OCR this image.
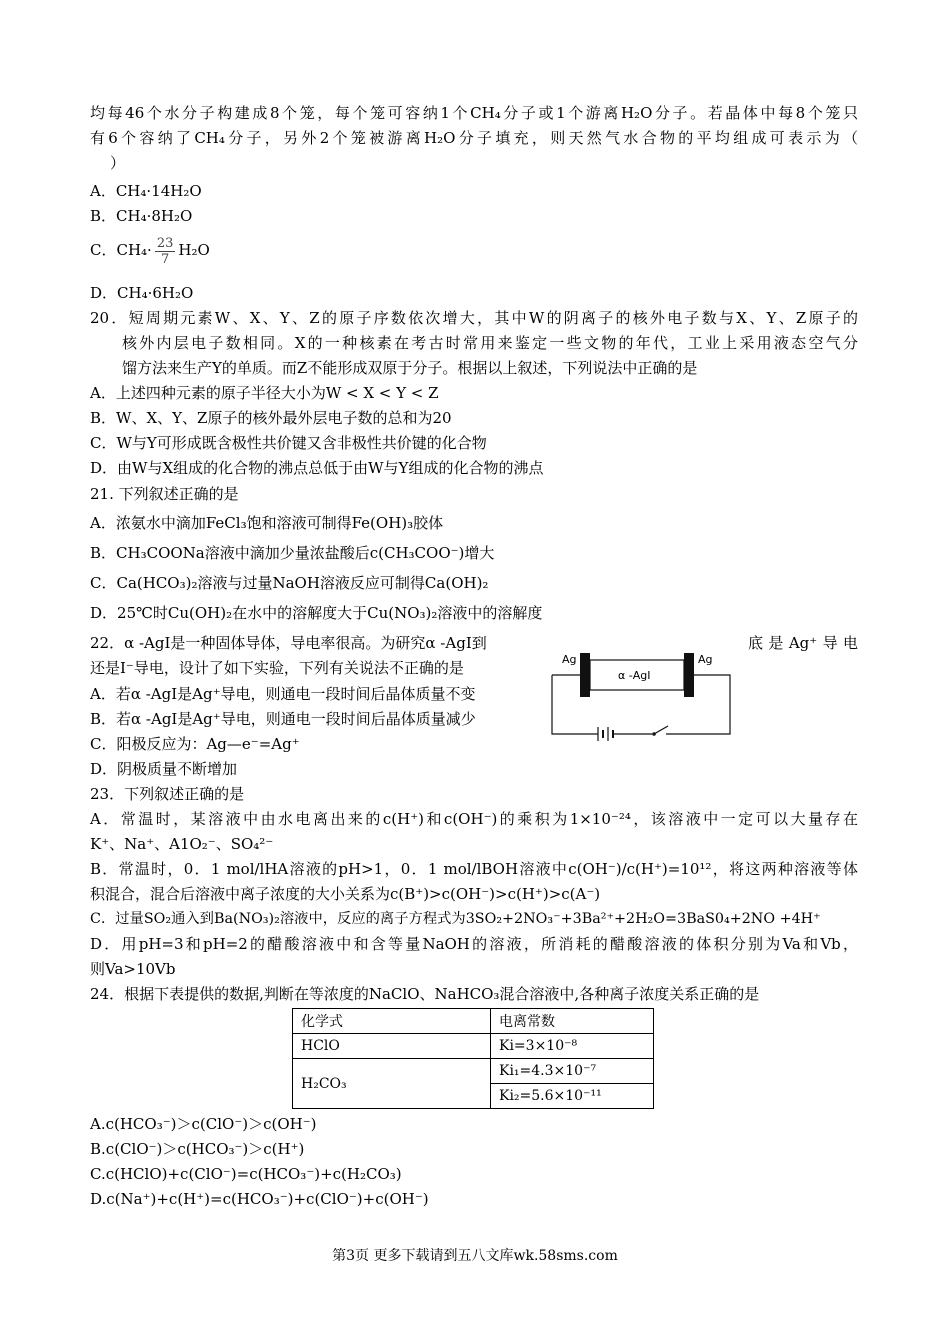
均每46个水分子构建成8个笼，每个笼可容纳1个CH₄分子或1个游离H₂O分子。若晶体中每8个笼只
有6个容纳了CH₄分子，另外2个笼被游离H₂O分子填充，则天然气水合物的平均组成可表示为（
）
A．CH₄·14H₂O
B．CH₄·8H₂O
C．$CH_4\cdot \frac{23}{7} H_2O$
D．CH₄·6H₂O
20．短周期元素W、X、Y、Z的原子序数依次增大，其中W的阴离子的核外电子数与X、Y、Z原子的
核外内层电子数相同。X的一种核素在考古时常用来鉴定一些文物的年代，工业上采用液态空气分
馏方法来生产Y的单质。而Z不能形成双原于分子。根据以上叙述，下列说法中正确的是
A．上述四种元素的原子半径大小为W < X < Y < Z
B．W、X、Y、Z原子的核外最外层电子数的总和为20
C．W与Y可形成既含极性共价键又含非极性共价键的化合物
D．由W与X组成的化合物的沸点总低于由W与Y组成的化合物的沸点
21. 下列叙述正确的是
A．浓氨水中滴加FeCl₃饱和溶液可制得Fe(OH)₃胶体
B．CH₃COONa溶液中滴加少量浓盐酸后c(CH₃COO⁻)增大
C．Ca(HCO₃)₂溶液与过量NaOH溶液反应可制得Ca(OH)₂
D．25℃时Cu(OH)₂在水中的溶解度大于Cu(NO₃)₂溶液中的溶解度
22．α -AgI是一种固体导体，导电率很高。为研究α -AgI到	底是Ag⁺导电
还是I⁻导电，设计了如下实验，下列有关说法不正确的是
A．若α -AgI是Ag⁺导电，则通电一段时间后晶体质量不变
B．若α -AgI是Ag⁺导电，则通电一段时间后晶体质量减少
C．阳极反应为：Ag—e⁻=Ag⁺
D．阴极质量不断增加
Ag	Ag
α -AgI
23．下列叙述正确的是
A．常温时，某溶液中由水电离出来的c(H⁺)和c(OH⁻)的乘积为1×10⁻²⁴，该溶液中一定可以大量存在
K⁺、Na⁺、A1O₂⁻、SO₄²⁻
B．常温时，0．1 mol/lHA溶液的pH>1，0．1 mol/lBOH溶液中c(OH⁻)/c(H⁺)=10¹²，将这两种溶液等体
积混合，混合后溶液中离子浓度的大小关系为c(B⁺)>c(OH⁻)>c(H⁺)>c(A⁻)
C．过量SO₂通入到Ba(NO₃)₂溶液中，反应的离子方程式为3SO₂+2NO₃⁻+3Ba²⁺+2H₂O=3BaS0₄+2NO +4H⁺
D．用pH=3和pH=2的醋酸溶液中和含等量NaOH的溶液，所消耗的醋酸溶液的体积分别为Va和Vb，
则Va>10Vb
24．根据下表提供的数据,判断在等浓度的NaClO、NaHCO₃混合溶液中,各种离子浓度关系正确的是
化学式	电离常数
HClO	Ki=3×10⁻⁸
H₂CO₃	Ki₁=4.3×10⁻⁷
	Ki₂=5.6×10⁻¹¹
A.c(HCO₃⁻)＞c(ClO⁻)＞c(OH⁻)
B.c(ClO⁻)＞c(HCO₃⁻)＞c(H⁺)
C.c(HClO)+c(ClO⁻)=c(HCO₃⁻)+c(H₂CO₃)
D.c(Na⁺)+c(H⁺)=c(HCO₃⁻)+c(ClO⁻)+c(OH⁻)
第3页 更多下载请到五八文库wk.58sms.com
